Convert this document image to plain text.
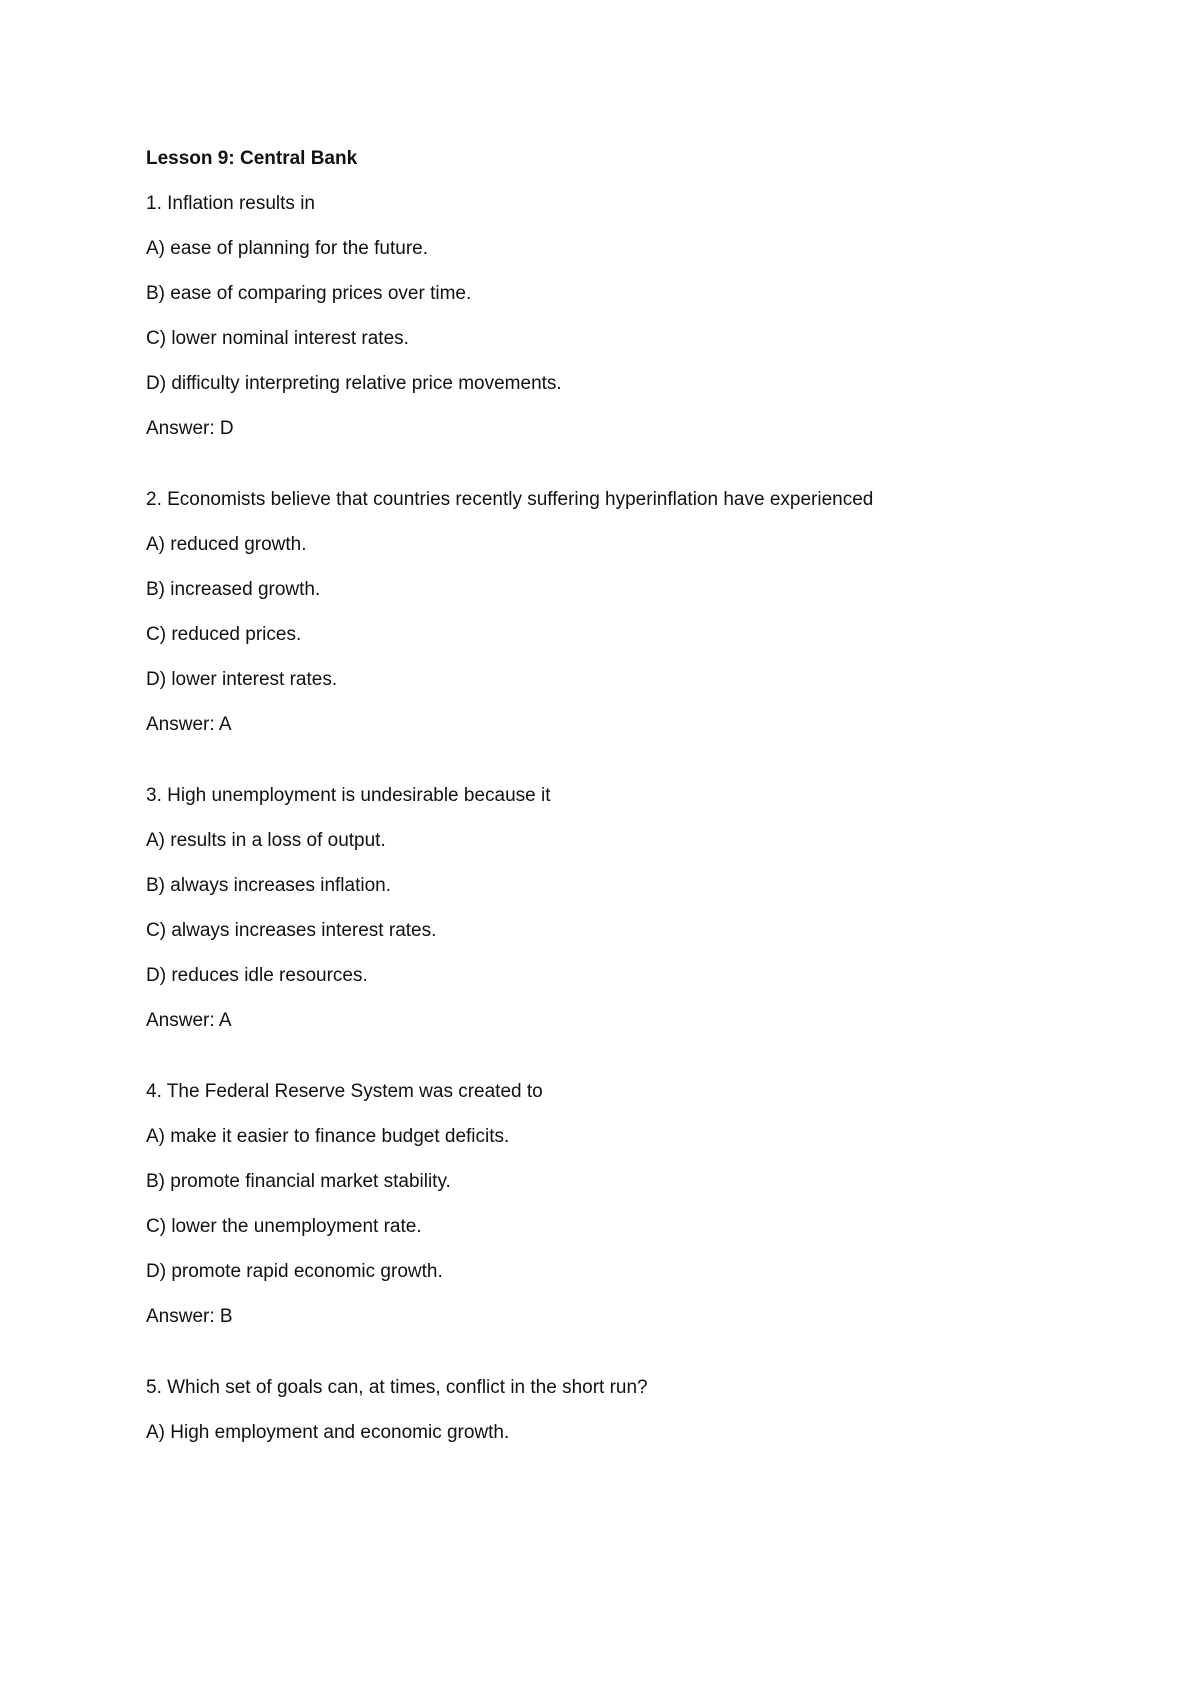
Lesson 9: Central Bank
1. Inflation results in
A) ease of planning for the future.
B) ease of comparing prices over time.
C) lower nominal interest rates.
D) difficulty interpreting relative price movements.
Answer: D
2. Economists believe that countries recently suffering hyperinflation have experienced
A) reduced growth.
B) increased growth.
C) reduced prices.
D) lower interest rates.
Answer: A
3. High unemployment is undesirable because it
A) results in a loss of output.
B) always increases inflation.
C) always increases interest rates.
D) reduces idle resources.
Answer: A
4. The Federal Reserve System was created to
A) make it easier to finance budget deficits.
B) promote financial market stability.
C) lower the unemployment rate.
D) promote rapid economic growth.
Answer: B
5. Which set of goals can, at times, conflict in the short run?
A) High employment and economic growth.
